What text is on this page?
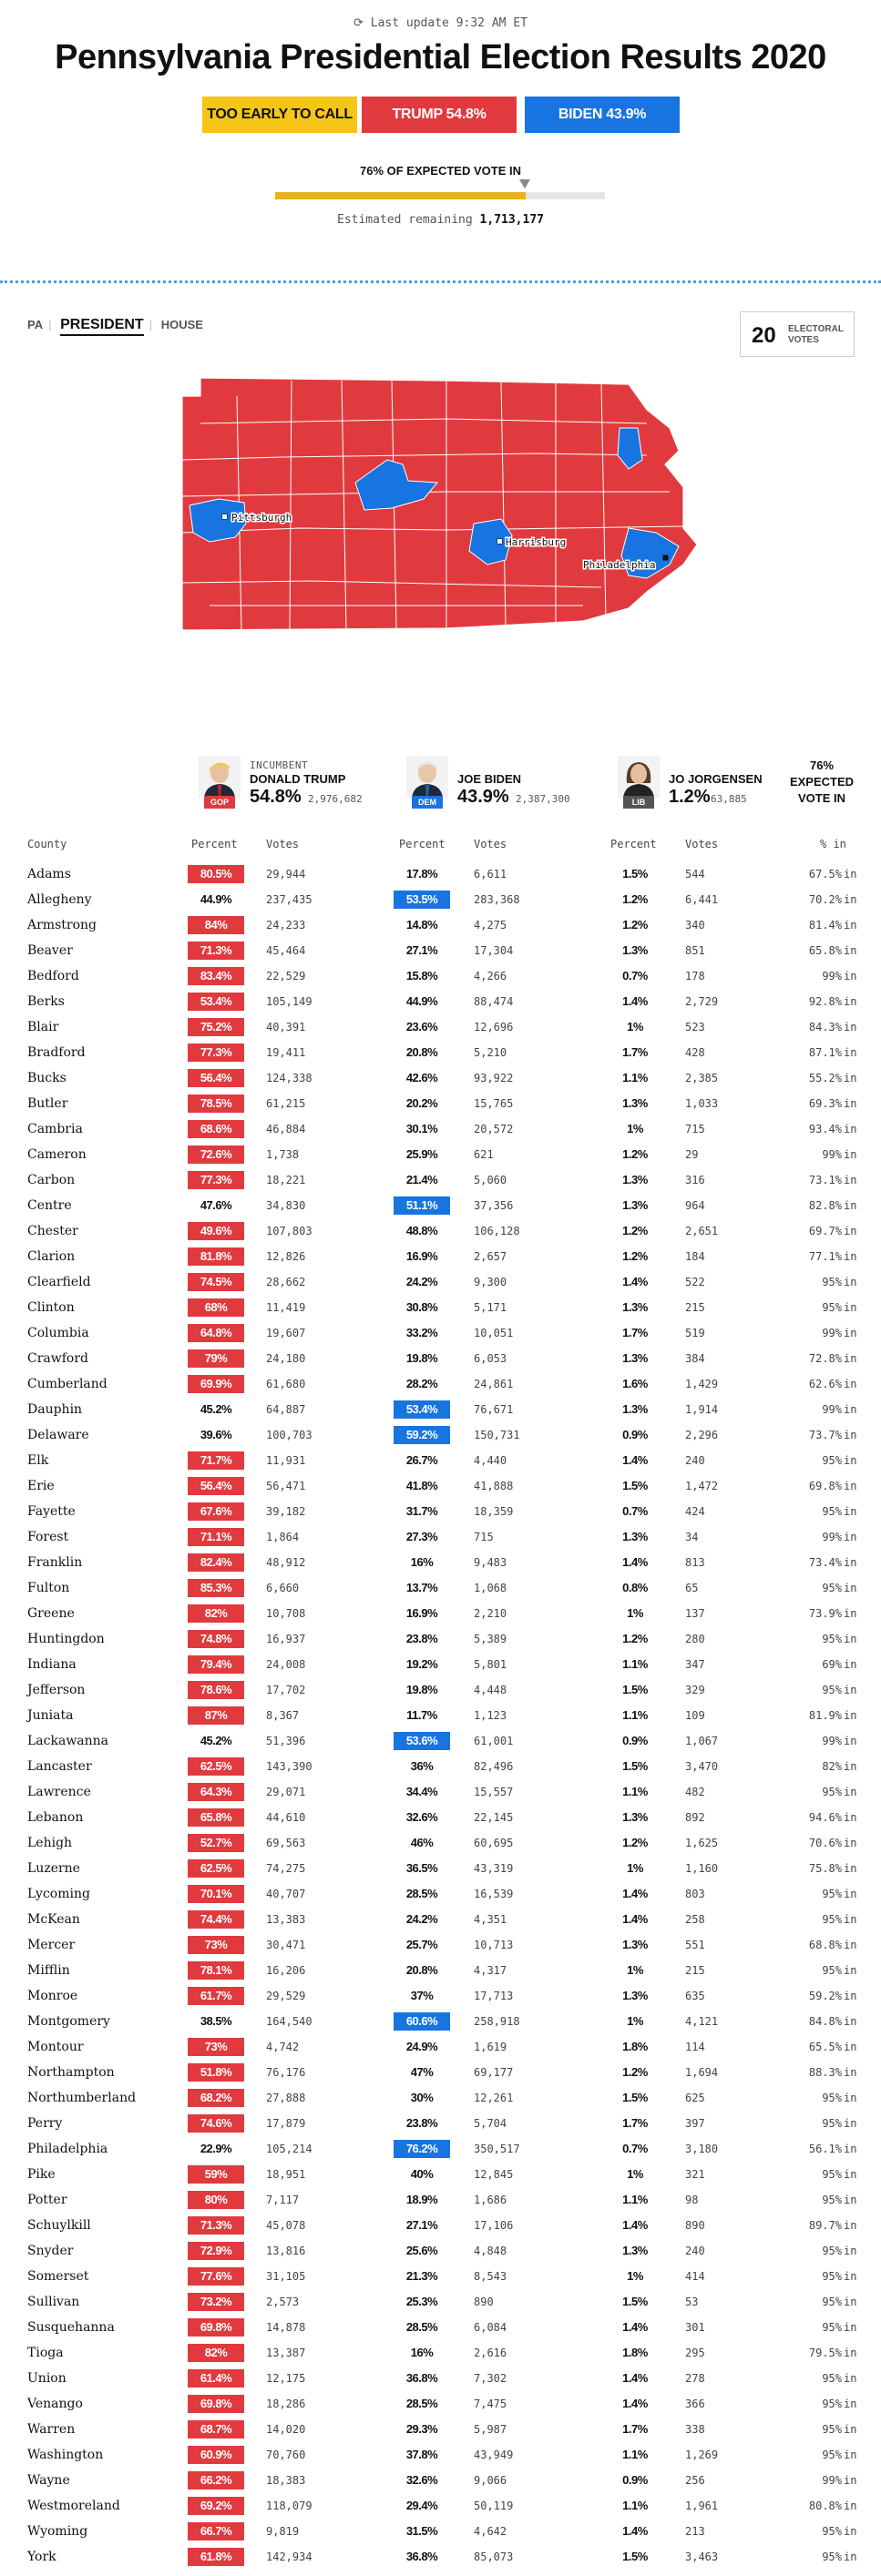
⟳ Last update 9:32 AM ET
Pennsylvania Presidential Election Results 2020
TOO EARLY TO CALL	TRUMP 54.8%	BIDEN 43.9%
76% OF EXPECTED VOTE IN
Estimated remaining 1,713,177
PA | PRESIDENT | HOUSE	20 ELECTORAL VOTES
Pittsburgh
Harrisburg
Philadelphia
GOP
INCUMBENT
DONALD TRUMP
54.8% 2,976,682	DEM
JOE BIDEN
43.9% 2,387,300	LIB
JO JORGENSEN
1.2% 63,885
76%
EXPECTED VOTE IN
County	Percent	Votes	Percent	Votes	Percent	Votes	% in
Adams	80.5%	29,944	17.8%	6,611	1.5%	544	67.5% in
Allegheny	44.9%	237,435	53.5%	283,368	1.2%	6,441	70.2% in
Armstrong	84%	24,233	14.8%	4,275	1.2%	340	81.4% in
Beaver	71.3%	45,464	27.1%	17,304	1.3%	851	65.8% in
Bedford	83.4%	22,529	15.8%	4,266	0.7%	178	99% in
Berks	53.4%	105,149	44.9%	88,474	1.4%	2,729	92.8% in
Blair	75.2%	40,391	23.6%	12,696	1%	523	84.3% in
Bradford	77.3%	19,411	20.8%	5,210	1.7%	428	87.1% in
Bucks	56.4%	124,338	42.6%	93,922	1.1%	2,385	55.2% in
Butler	78.5%	61,215	20.2%	15,765	1.3%	1,033	69.3% in
Cambria	68.6%	46,884	30.1%	20,572	1%	715	93.4% in
Cameron	72.6%	1,738	25.9%	621	1.2%	29	99% in
Carbon	77.3%	18,221	21.4%	5,060	1.3%	316	73.1% in
Centre	47.6%	34,830	51.1%	37,356	1.3%	964	82.8% in
Chester	49.6%	107,803	48.8%	106,128	1.2%	2,651	69.7% in
Clarion	81.8%	12,826	16.9%	2,657	1.2%	184	77.1% in
Clearfield	74.5%	28,662	24.2%	9,300	1.4%	522	95% in
Clinton	68%	11,419	30.8%	5,171	1.3%	215	95% in
Columbia	64.8%	19,607	33.2%	10,051	1.7%	519	99% in
Crawford	79%	24,180	19.8%	6,053	1.3%	384	72.8% in
Cumberland	69.9%	61,680	28.2%	24,861	1.6%	1,429	62.6% in
Dauphin	45.2%	64,887	53.4%	76,671	1.3%	1,914	99% in
Delaware	39.6%	100,703	59.2%	150,731	0.9%	2,296	73.7% in
Elk	71.7%	11,931	26.7%	4,440	1.4%	240	95% in
Erie	56.4%	56,471	41.8%	41,888	1.5%	1,472	69.8% in
Fayette	67.6%	39,182	31.7%	18,359	0.7%	424	95% in
Forest	71.1%	1,864	27.3%	715	1.3%	34	99% in
Franklin	82.4%	48,912	16%	9,483	1.4%	813	73.4% in
Fulton	85.3%	6,660	13.7%	1,068	0.8%	65	95% in
Greene	82%	10,708	16.9%	2,210	1%	137	73.9% in
Huntingdon	74.8%	16,937	23.8%	5,389	1.2%	280	95% in
Indiana	79.4%	24,008	19.2%	5,801	1.1%	347	69% in
Jefferson	78.6%	17,702	19.8%	4,448	1.5%	329	95% in
Juniata	87%	8,367	11.7%	1,123	1.1%	109	81.9% in
Lackawanna	45.2%	51,396	53.6%	61,001	0.9%	1,067	99% in
Lancaster	62.5%	143,390	36%	82,496	1.5%	3,470	82% in
Lawrence	64.3%	29,071	34.4%	15,557	1.1%	482	95% in
Lebanon	65.8%	44,610	32.6%	22,145	1.3%	892	94.6% in
Lehigh	52.7%	69,563	46%	60,695	1.2%	1,625	70.6% in
Luzerne	62.5%	74,275	36.5%	43,319	1%	1,160	75.8% in
Lycoming	70.1%	40,707	28.5%	16,539	1.4%	803	95% in
McKean	74.4%	13,383	24.2%	4,351	1.4%	258	95% in
Mercer	73%	30,471	25.7%	10,713	1.3%	551	68.8% in
Mifflin	78.1%	16,206	20.8%	4,317	1%	215	95% in
Monroe	61.7%	29,529	37%	17,713	1.3%	635	59.2% in
Montgomery	38.5%	164,540	60.6%	258,918	1%	4,121	84.8% in
Montour	73%	4,742	24.9%	1,619	1.8%	114	65.5% in
Northampton	51.8%	76,176	47%	69,177	1.2%	1,694	88.3% in
Northumberland	68.2%	27,888	30%	12,261	1.5%	625	95% in
Perry	74.6%	17,879	23.8%	5,704	1.7%	397	95% in
Philadelphia	22.9%	105,214	76.2%	350,517	0.7%	3,180	56.1% in
Pike	59%	18,951	40%	12,845	1%	321	95% in
Potter	80%	7,117	18.9%	1,686	1.1%	98	95% in
Schuylkill	71.3%	45,078	27.1%	17,106	1.4%	890	89.7% in
Snyder	72.9%	13,816	25.6%	4,848	1.3%	240	95% in
Somerset	77.6%	31,105	21.3%	8,543	1%	414	95% in
Sullivan	73.2%	2,573	25.3%	890	1.5%	53	95% in
Susquehanna	69.8%	14,878	28.5%	6,084	1.4%	301	95% in
Tioga	82%	13,387	16%	2,616	1.8%	295	79.5% in
Union	61.4%	12,175	36.8%	7,302	1.4%	278	95% in
Venango	69.8%	18,286	28.5%	7,475	1.4%	366	95% in
Warren	68.7%	14,020	29.3%	5,987	1.7%	338	95% in
Washington	60.9%	70,760	37.8%	43,949	1.1%	1,269	95% in
Wayne	66.2%	18,383	32.6%	9,066	0.9%	256	99% in
Westmoreland	69.2%	118,079	29.4%	50,119	1.1%	1,961	80.8% in
Wyoming	66.7%	9,819	31.5%	4,642	1.4%	213	95% in
York	61.8%	142,934	36.8%	85,073	1.5%	3,463	95% in
